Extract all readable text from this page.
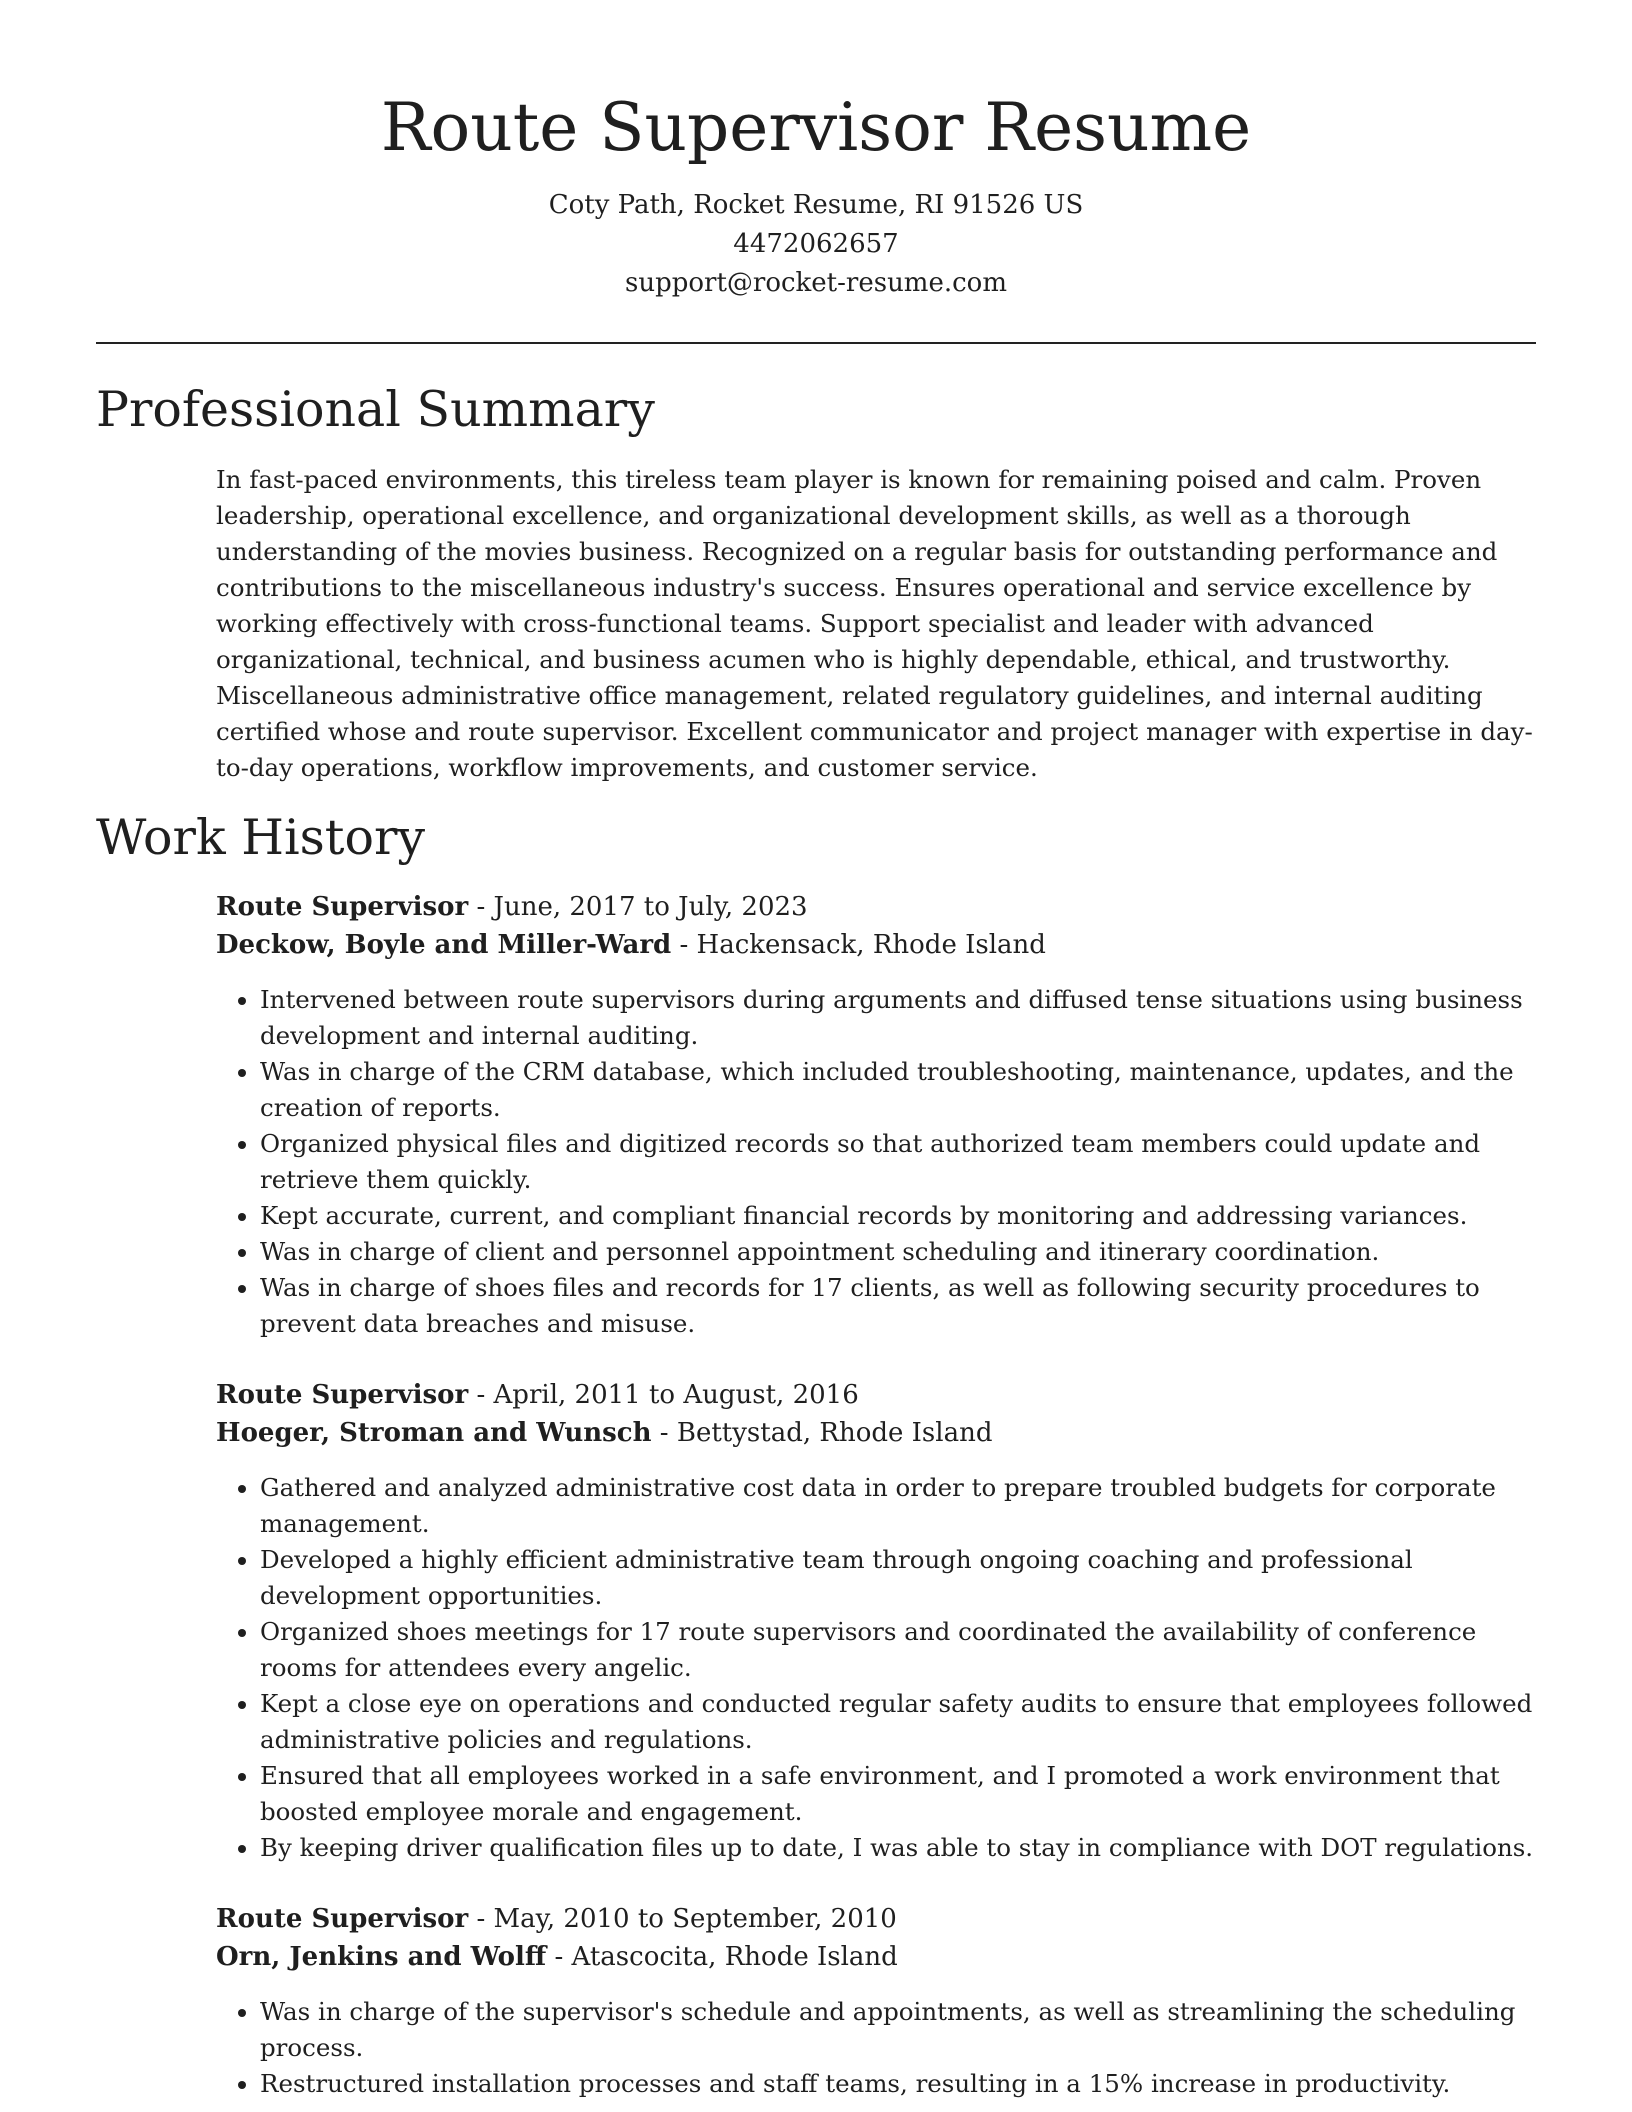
Route Supervisor Resume
Coty Path, Rocket Resume, RI 91526 US
4472062657
support@rocket-resume.com
Professional Summary

In fast-paced environments, this tireless team player is known for remaining poised and calm. Proven leadership, operational excellence, and organizational development skills, as well as a thorough understanding of the movies business. Recognized on a regular basis for outstanding performance and contributions to the miscellaneous industry's success. Ensures operational and service excellence by working effectively with cross-functional teams. Support specialist and leader with advanced organizational, technical, and business acumen who is highly dependable, ethical, and trustworthy. Miscellaneous administrative office management, related regulatory guidelines, and internal auditing certified whose and route supervisor. Excellent communicator and project manager with expertise in day-to-day operations, workflow improvements, and customer service.

Work History
Route Supervisor - June, 2017 to July, 2023
Deckow, Boyle and Miller-Ward - Hackensack, Rhode Island
• Intervened between route supervisors during arguments and diffused tense situations using business development and internal auditing.
• Was in charge of the CRM database, which included troubleshooting, maintenance, updates, and the creation of reports.
• Organized physical files and digitized records so that authorized team members could update and retrieve them quickly.
• Kept accurate, current, and compliant financial records by monitoring and addressing variances.
• Was in charge of client and personnel appointment scheduling and itinerary coordination.
• Was in charge of shoes files and records for 17 clients, as well as following security procedures to prevent data breaches and misuse.
Route Supervisor - April, 2011 to August, 2016
Hoeger, Stroman and Wunsch - Bettystad, Rhode Island
• Gathered and analyzed administrative cost data in order to prepare troubled budgets for corporate management.
• Developed a highly efficient administrative team through ongoing coaching and professional development opportunities.
• Organized shoes meetings for 17 route supervisors and coordinated the availability of conference rooms for attendees every angelic.
• Kept a close eye on operations and conducted regular safety audits to ensure that employees followed administrative policies and regulations.
• Ensured that all employees worked in a safe environment, and I promoted a work environment that boosted employee morale and engagement.
• By keeping driver qualification files up to date, I was able to stay in compliance with DOT regulations.
Route Supervisor - May, 2010 to September, 2010
Orn, Jenkins and Wolff - Atascocita, Rhode Island
• Was in charge of the supervisor's schedule and appointments, as well as streamlining the scheduling process.
• Restructured installation processes and staff teams, resulting in a 15% increase in productivity.
